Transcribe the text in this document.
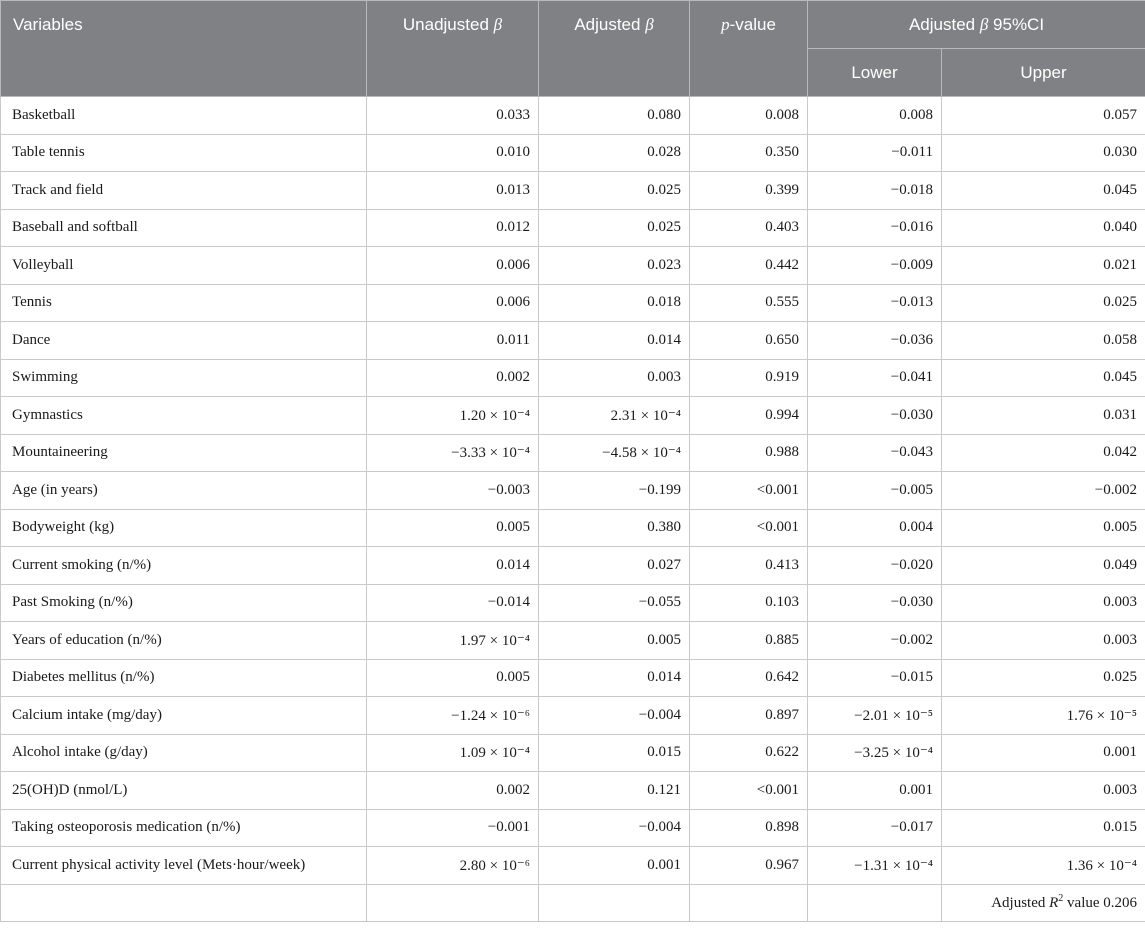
Variables	Unadjusted β	Adjusted β	p-value	Adjusted β 95%CI	
				Lower	Upper
Basketball	0.033	0.080	0.008	0.008	0.057
Table tennis	0.010	0.028	0.350	−0.011	0.030
Track and field	0.013	0.025	0.399	−0.018	0.045
Baseball and softball	0.012	0.025	0.403	−0.016	0.040
Volleyball	0.006	0.023	0.442	−0.009	0.021
Tennis	0.006	0.018	0.555	−0.013	0.025
Dance	0.011	0.014	0.650	−0.036	0.058
Swimming	0.002	0.003	0.919	−0.041	0.045
Gymnastics	1.20 × 10⁻⁴	2.31 × 10⁻⁴	0.994	−0.030	0.031
Mountaineering	−3.33 × 10⁻⁴	−4.58 × 10⁻⁴	0.988	−0.043	0.042
Age (in years)	−0.003	−0.199	<0.001	−0.005	−0.002
Bodyweight (kg)	0.005	0.380	<0.001	0.004	0.005
Current smoking (n/%)	0.014	0.027	0.413	−0.020	0.049
Past Smoking (n/%)	−0.014	−0.055	0.103	−0.030	0.003
Years of education (n/%)	1.97 × 10⁻⁴	0.005	0.885	−0.002	0.003
Diabetes mellitus (n/%)	0.005	0.014	0.642	−0.015	0.025
Calcium intake (mg/day)	−1.24 × 10⁻⁶	−0.004	0.897	−2.01 × 10⁻⁵	1.76 × 10⁻⁵
Alcohol intake (g/day)	1.09 × 10⁻⁴	0.015	0.622	−3.25 × 10⁻⁴	0.001
25(OH)D (nmol/L)	0.002	0.121	<0.001	0.001	0.003
Taking osteoporosis medication (n/%)	−0.001	−0.004	0.898	−0.017	0.015
Current physical activity level (Mets·hour/week)	2.80 × 10⁻⁶	0.001	0.967	−1.31 × 10⁻⁴	1.36 × 10⁻⁴
					Adjusted $R^2$ value 0.206
